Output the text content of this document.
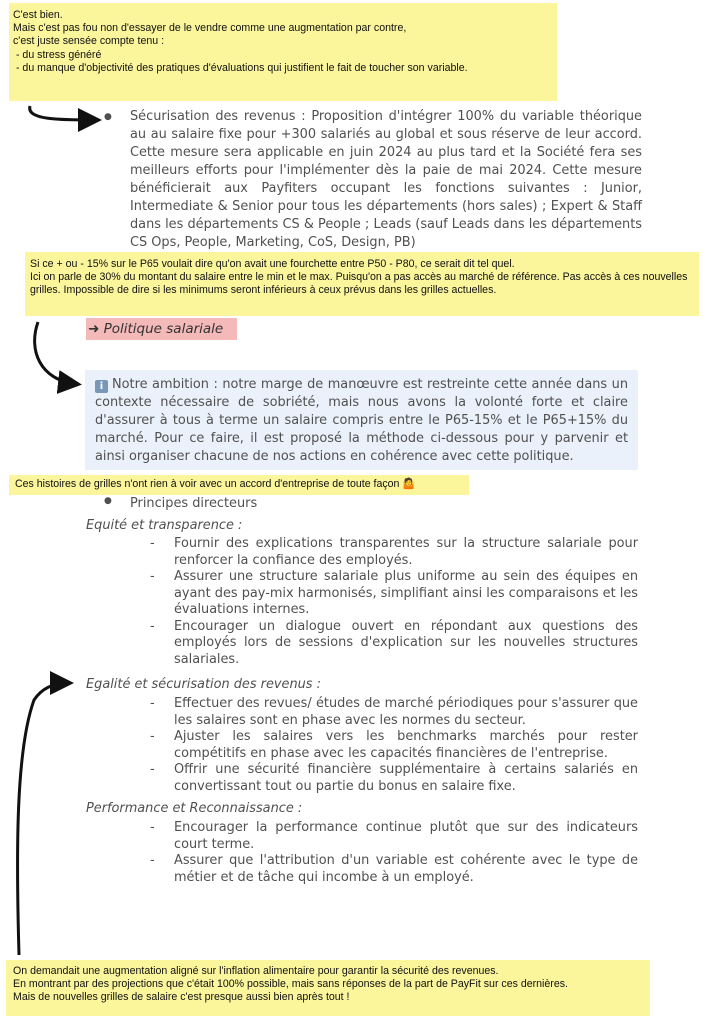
C'est bien.

Mais c'est pas fou non d'essayer de le vendre comme une augmentation par contre,

c'est juste sensée compte tenu :

- du stress généré

- du manque d'objectivité des pratiques d'évaluations qui justifient le fait de toucher son variable.

● Sécurisation des revenus : Proposition d'intégrer 100% du variable théorique au au salaire fixe pour +300 salariés au global et sous réserve de leur accord. Cette mesure sera applicable en juin 2024 au plus tard et la Société fera ses meilleurs efforts pour l'implémenter dès la paie de mai 2024. Cette mesure bénéficierait aux Payfiters occupant les fonctions suivantes : Junior, Intermediate & Senior pour tous les départements (hors sales) ; Expert & Staff dans les départements CS & People ; Leads (sauf Leads dans les départements CS Ops, People, Marketing, CoS, Design, PB)

Si ce + ou - 15% sur le P65 voulait dire qu'on avait une fourchette entre P50 - P80, ce serait dit tel quel.

Ici on parle de 30% du montant du salaire entre le min et le max. Puisqu'on a pas accès au marché de référence. Pas accès à ces nouvelles grilles. Impossible de dire si les minimums seront inférieurs à ceux prévus dans les grilles actuelles.

➜ Politique salariale
i Notre ambition : notre marge de manœuvre est restreinte cette année dans un contexte nécessaire de sobriété, mais nous avons la volonté forte et claire d'assurer à tous à terme un salaire compris entre le P65-15% et le P65+15% du marché. Pour ce faire, il est proposé la méthode ci-dessous pour y parvenir et ainsi organiser chacune de nos actions en cohérence avec cette politique.

Ces histoires de grilles n'ont rien à voir avec un accord d'entreprise de toute façon 🤷

● Principes directeurs
Equité et transparence :
- Fournir des explications transparentes sur la structure salariale pour renforcer la confiance des employés.
- Assurer une structure salariale plus uniforme au sein des équipes en ayant des pay-mix harmonisés, simplifiant ainsi les comparaisons et les évaluations internes.
- Encourager un dialogue ouvert en répondant aux questions des employés lors de sessions d'explication sur les nouvelles structures salariales.
Egalité et sécurisation des revenus :
- Effectuer des revues/ études de marché périodiques pour s'assurer que les salaires sont en phase avec les normes du secteur.
- Ajuster les salaires vers les benchmarks marchés pour rester compétitifs en phase avec les capacités financières de l'entreprise.
- Offrir une sécurité financière supplémentaire à certains salariés en convertissant tout ou partie du bonus en salaire fixe.
Performance et Reconnaissance :
- Encourager la performance continue plutôt que sur des indicateurs court terme.
- Assurer que l'attribution d'un variable est cohérente avec le type de métier et de tâche qui incombe à un employé.

On demandait une augmentation aligné sur l'inflation alimentaire pour garantir la sécurité des revenues.

En montrant par des projections que c'était 100% possible, mais sans réponses de la part de PayFit sur ces dernières.

Mais de nouvelles grilles de salaire c'est presque aussi bien après tout !
